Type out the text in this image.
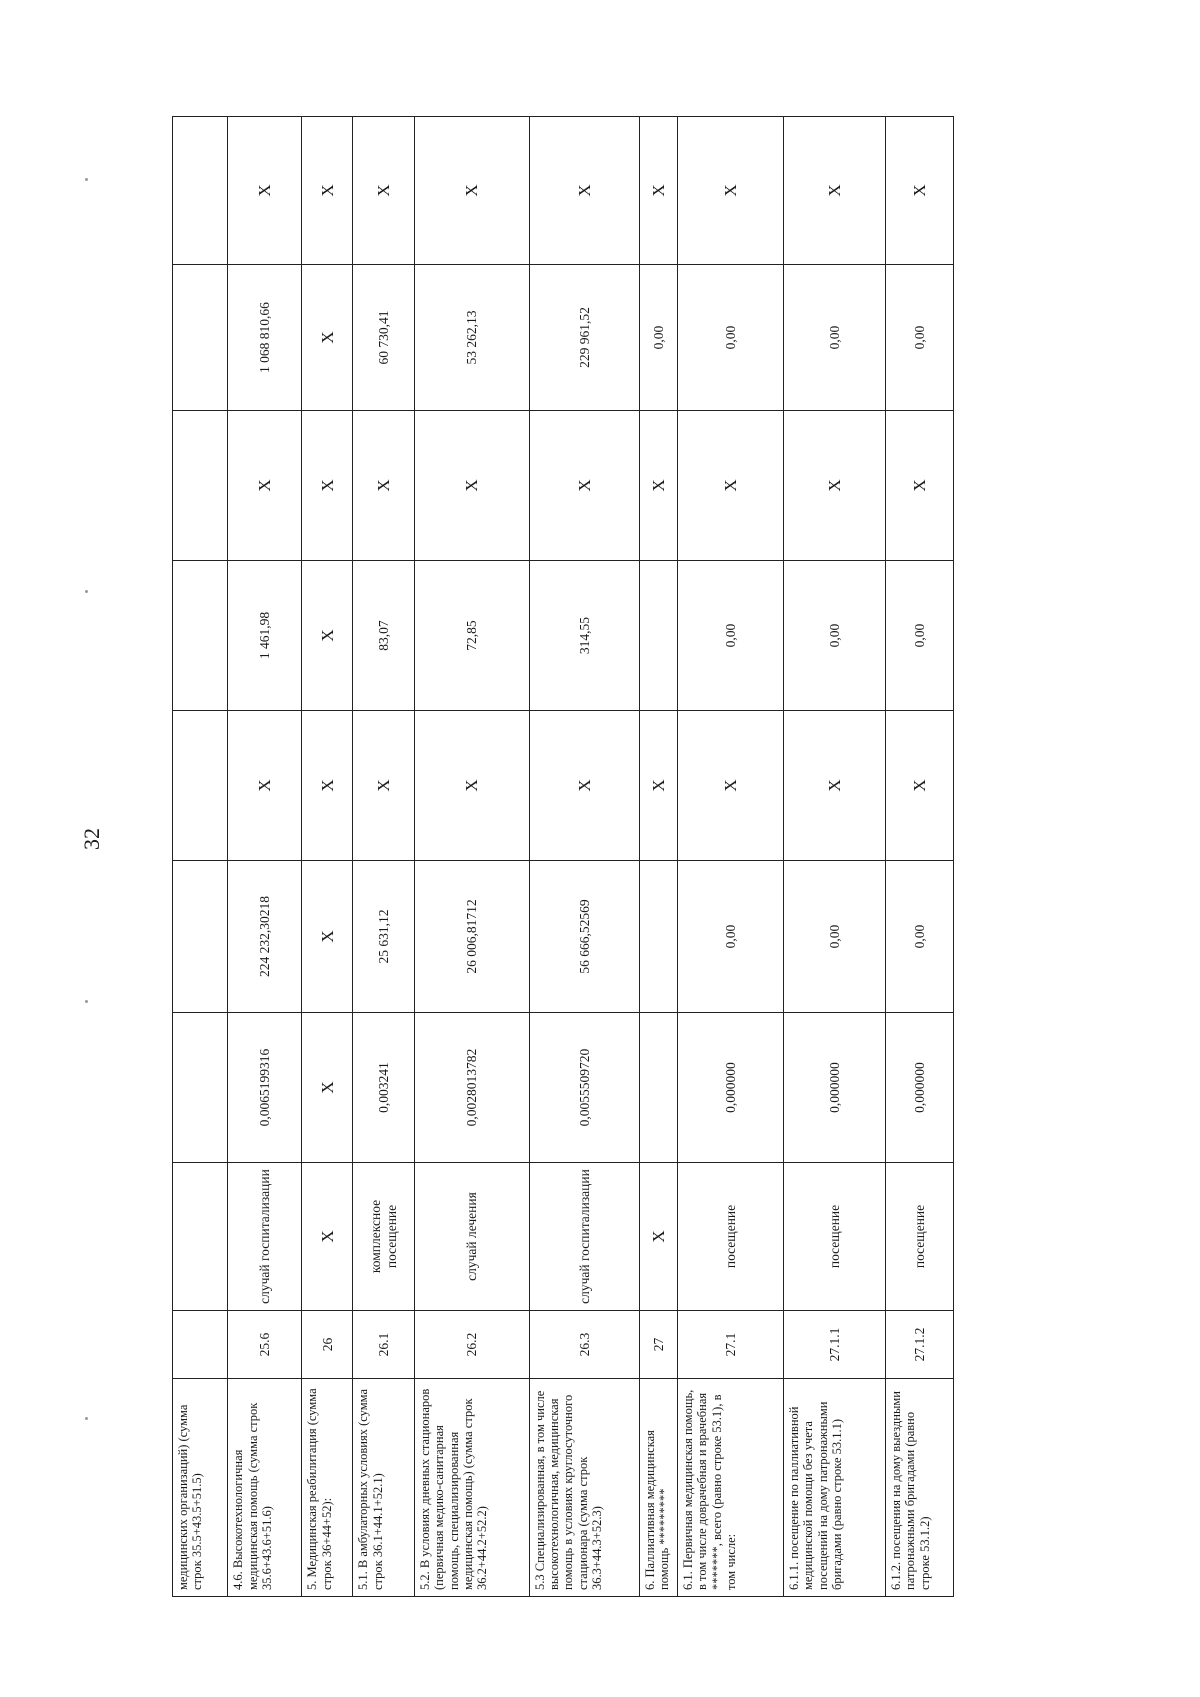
32
медицинских организаций) (сумма строк 35.5+43.5+51.5)									
4.6. Высокотехнологичная медицинская помощь (сумма строк 35.6+43.6+51.6)	25.6	случай госпитализации	0,0065199316	224 232,30218	X	1 461,98	X	1 068 810,66	X
5. Медицинская реабилитация (сумма строк 36+44+52):	26	X	X	X	X	X	X	X	X
5.1. В амбулаторных условиях (сумма строк 36.1+44.1+52.1)	26.1	комплексное посещение	0,003241	25 631,12	X	83,07	X	60 730,41	X
5.2. В условиях дневных стационаров (первичная медико-санитарная помощь, специализированная медицинская помощь) (сумма строк 36.2+44.2+52.2)	26.2	случай лечения	0,0028013782	26 006,81712	X	72,85	X	53 262,13	X
5.3 Специализированная, в том числе высокотехнологичная, медицинская помощь в условиях круглосуточного стационара (сумма строк 36.3+44.3+52.3)	26.3	случай госпитализации	0,0055509720	56 666,52569	X	314,55	X	229 961,52	X
6. Паллиативная медицинская помощь *********	27	X			X		X	0,00	X
6.1. Первичная медицинская помощь, в том числе доврачебная и врачебная *******, всего (равно строке 53.1), в том числе:	27.1	посещение	0,000000	0,00	X	0,00	X	0,00	X
6.1.1. посещение по паллиативной медицинской помощи без учета посещений на дому патронажными бригадами (равно строке 53.1.1)	27.1.1	посещение	0,000000	0,00	X	0,00	X	0,00	X
6.1.2. посещения на дому выездными патронажными бригадами (равно строке 53.1.2)	27.1.2	посещение	0,000000	0,00	X	0,00	X	0,00	X
